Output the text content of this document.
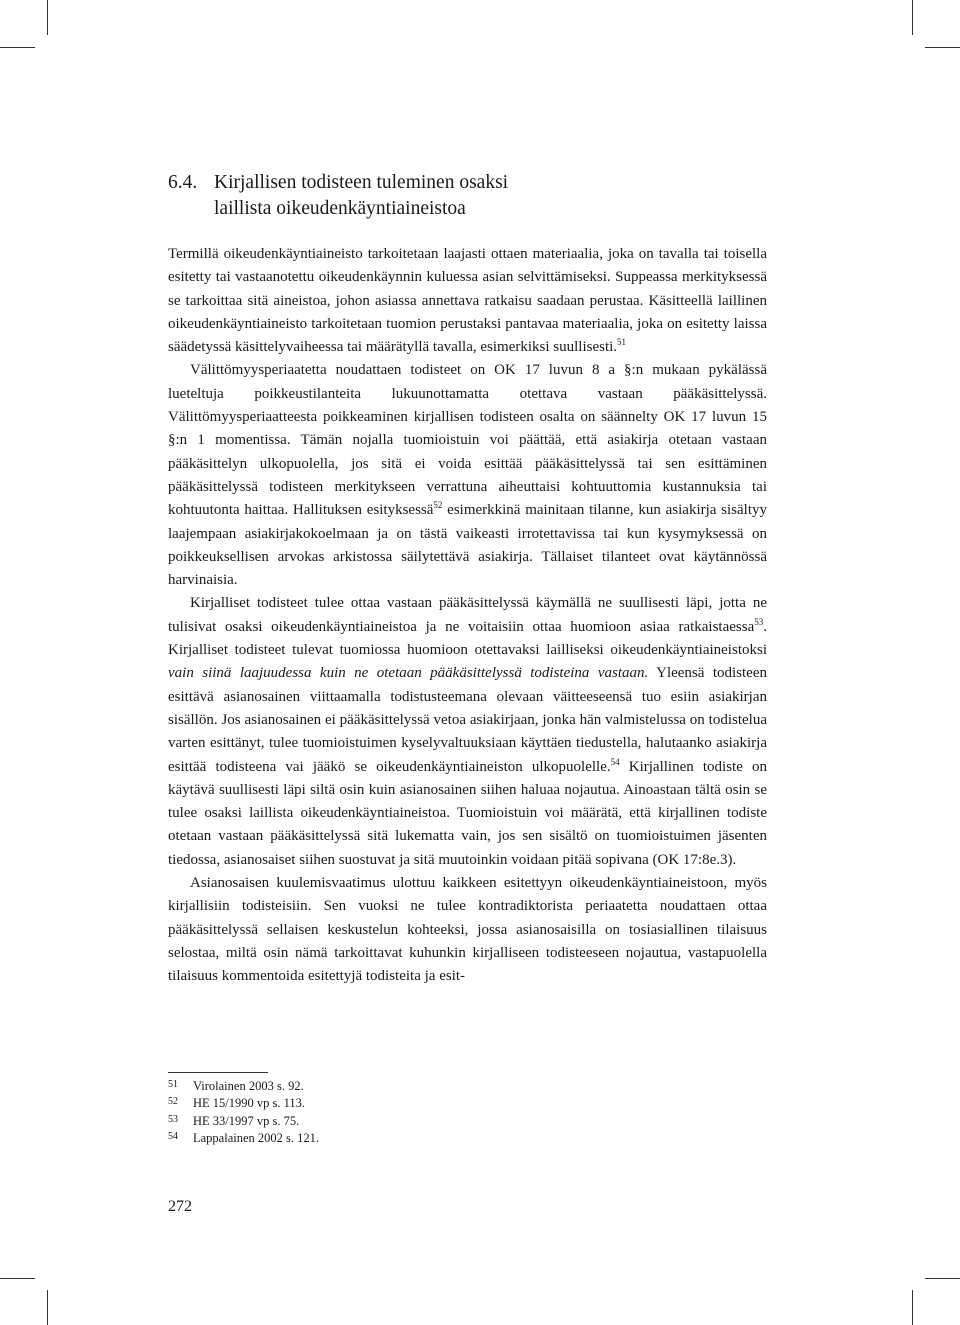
6.4. Kirjallisen todisteen tuleminen osaksi
laillista oikeudenkäyntiaineistoa

Termillä oikeudenkäyntiaineisto tarkoitetaan laajasti ottaen materiaalia, joka on tavalla tai toisella esitetty tai vastaanotettu oikeudenkäynnin kuluessa asian selvittämiseksi. Suppeassa merkityksessä se tarkoittaa sitä aineistoa, johon asiassa annettava ratkaisu saadaan perustaa. Käsitteellä laillinen oikeudenkäyntiaineisto tarkoitetaan tuomion perustaksi pantavaa materiaalia, joka on esitetty laissa säädetyssä käsittelyvaiheessa tai määrätyllä tavalla, esimerkiksi suullisesti.$^{51}$

Välittömyysperiaatetta noudattaen todisteet on OK 17 luvun 8 a §:n mukaan pykälässä lueteltuja poikkeustilanteita lukuunottamatta otettava vastaan pääkäsittelyssä. Välittömyysperiaatteesta poikkeaminen kirjallisen todisteen osalta on säännelty OK 17 luvun 15 §:n 1 momentissa. Tämän nojalla tuomioistuin voi päättää, että asiakirja otetaan vastaan pääkäsittelyn ulkopuolella, jos sitä ei voida esittää pääkäsittelyssä tai sen esittäminen pääkäsittelyssä todisteen merkitykseen verrattuna aiheuttaisi kohtuuttomia kustannuksia tai kohtuutonta haittaa. Hallituksen esityksessä$^{52}$ esimerkkinä mainitaan tilanne, kun asiakirja sisältyy laajempaan asiakirjakokoelmaan ja on tästä vaikeasti irrotettavissa tai kun kysymyksessä on poikkeuksellisen arvokas arkistossa säilytettävä asiakirja. Tällaiset tilanteet ovat käytännössä harvinaisia.

Kirjalliset todisteet tulee ottaa vastaan pääkäsittelyssä käymällä ne suullisesti läpi, jotta ne tulisivat osaksi oikeudenkäyntiaineistoa ja ne voitaisiin ottaa huomioon asiaa ratkaistaessa$^{53}$. Kirjalliset todisteet tulevat tuomiossa huomioon otettavaksi lailliseksi oikeudenkäyntiaineistoksi vain siinä laajuudessa kuin ne otetaan pääkäsittelyssä todisteina vastaan. Yleensä todisteen esittävä asianosainen viittaamalla todistusteemana olevaan väitteeseensä tuo esiin asiakirjan sisällön. Jos asianosainen ei pääkäsittelyssä vetoa asiakirjaan, jonka hän valmistelussa on todistelua varten esittänyt, tulee tuomioistuimen kyselyvaltuuksiaan käyttäen tiedustella, halutaanko asiakirja esittää todisteena vai jääkö se oikeudenkäyntiaineiston ulkopuolelle.$^{54}$ Kirjallinen todiste on käytävä suullisesti läpi siltä osin kuin asianosainen siihen haluaa nojautua. Ainoastaan tältä osin se tulee osaksi laillista oikeudenkäyntiaineistoa. Tuomioistuin voi määrätä, että kirjallinen todiste otetaan vastaan pääkäsittelyssä sitä lukematta vain, jos sen sisältö on tuomioistuimen jäsenten tiedossa, asianosaiset siihen suostuvat ja sitä muutoinkin voidaan pitää sopivana (OK 17:8e.3).

Asianosaisen kuulemisvaatimus ulottuu kaikkeen esitettyyn oikeudenkäyntiaineistoon, myös kirjallisiin todisteisiin. Sen vuoksi ne tulee kontradiktorista periaatetta noudattaen ottaa pääkäsittelyssä sellaisen keskustelun kohteeksi, jossa asianosaisilla on tosiasiallinen tilaisuus selostaa, miltä osin nämä tarkoittavat kuhunkin kirjalliseen todisteeseen nojautua, vastapuolella tilaisuus kommentoida esitettyjä todisteita ja esit-

51	Virolainen 2003 s. 92.
52	HE 15/1990 vp s. 113.
53	HE 33/1997 vp s. 75.
54	Lappalainen 2002 s. 121.
272
